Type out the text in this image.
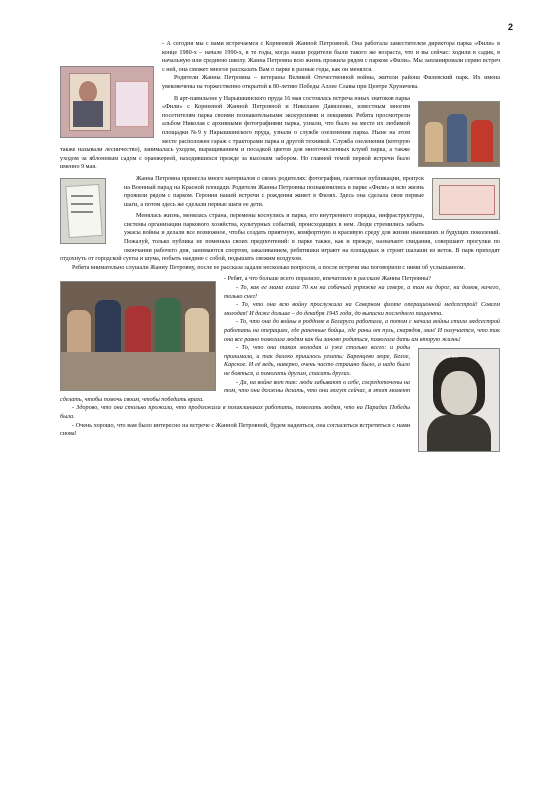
2

- А сегодня мы с вами встречаемся с Корнеевой Жанной Петровной. Она работала заместителем директора парка «Фили» в конце 1980-х – начале 1990-х, в те годы, когда наши родители были такого же возраста, что и вы сейчас: ходили в садик, в начальную или среднюю школу. Жанна Петровна всю жизнь прожила рядом с парком «Фили». Мы запланировали серию встреч с ней, она сможет многое рассказать Вам о парке в разные годы, как он менялся.

Родители Жанны Петровны – ветераны Великой Отечественной войны, жители района Филевский парк. Их имена увековечены на торжественно открытой к 80-летию Победы Аллее Славы при Центре Хруничева.

В арт-павильоне у Нарышкинского пруда 16 мая состоялась встреча юных знатоков парка «Фили» с Корнеевой Жанной Петровной и Николаем Давиленко, известным многим посетителям парка своими познавательными экскурсиями и лекциями. Ребята просмотрели альбом Николая с архивными фотографиями парка, узнали, что было на месте их любимой площадки №9 у Нарышкинского пруда, узнали о службе озеленения парка. Ныне на этом месте расположен гараж с тракторами парка и другой техникой. Служба озеленения (которую также называли лесничество), занималась уходом, выращиванием и посадкой цветов для многочисленных клумб парка, а также уходом за яблоневым садом с оранжереей, находившихся прежде за высоким забором. Но главной темой первой встречи было именно 9 мая.

Жанна Петровна принесла много материалов о своих родителях: фотографии, газетные публикации, пропуск на Военный парад на Красной площади. Родители Жанны Петровны познакомились в парке «Фили» и всю жизнь прожили рядом с парком. Героиня нашей встречи с рождения живет в Филях. Здесь она сделала свои первые шаги, а потом здесь же сделали первые шаги ее дети.

Менялась жизнь, менялась страна, перемены коснулись и парка, его внутреннего порядка, инфраструктуры, системы организации паркового хозяйства, культурных событий, происходящих в нем. Люди стремились забыть ужасы войны и делали все возможное, чтобы создать приятную, комфортную и красивую среду для жизни нынешних и будущих поколений. Пожалуй, только публика не поменяла своих предпочтений: в парке также, как и прежде, назначают свидания, совершают прогулки по окончании рабочего дня, занимаются спортом, закаливанием, ребятишки играют на площадках и строят шалаши из веток. В парк приходят отдохнуть от городской суеты и шума, побыть наедине с собой, подышать свежим воздухом.

Ребята внимательно слушали Жанну Петровну, после ее рассказа задали несколько вопросов, а после встречи мы поговорили с ними об услышанном.

- Ребят, а что больше всего поразило, впечатлило в рассказе Жанны Петровны?

- То, как ее мама ехала 70 км на собачьей упряжке на севере, а там ни дорог, ни домов, ничего, только снег!

- То, что она всю войну прослужила на Северном флоте операционной медсестрой! Совсем молодая! И даже дольше – до декабря 1945 года, до выписки последнего пациента.

- То, что она до войны в роддоме в Беларуси работала, а потом с начала войны стала медсестрой работать на операциях, где раненные бойцы, где раны от пуль, снарядов, мин! И получается, что так она все равно помогала людям как бы заново родиться, помогала дать им вторую жизнь!

ДЕВЕРИМ

- То, что она такая молодая и уже столько всего: и роды принимала, и так далеко пришлось уехать: Баренцево море, Белое, Карское. И её ведь, наверно, очень часто страшно было, а надо было не бояться, а помогать другим, спасать других.

- Да, на войне вот так: люди забывают о себе, сосредоточены на том, что они должны делать, что они могут сейчас, в этот момент сделать, чтобы помочь своим, чтобы победить врага.

- Здорово, что она столько прожила, что продолжала в поликлиниках работать, помогать людям, что на Парадах Победы была.

- Очень хорошо, что вам было интересно на встрече с Жанной Петровной, будем надеяться, она согласиться встретиться с нами снова!
